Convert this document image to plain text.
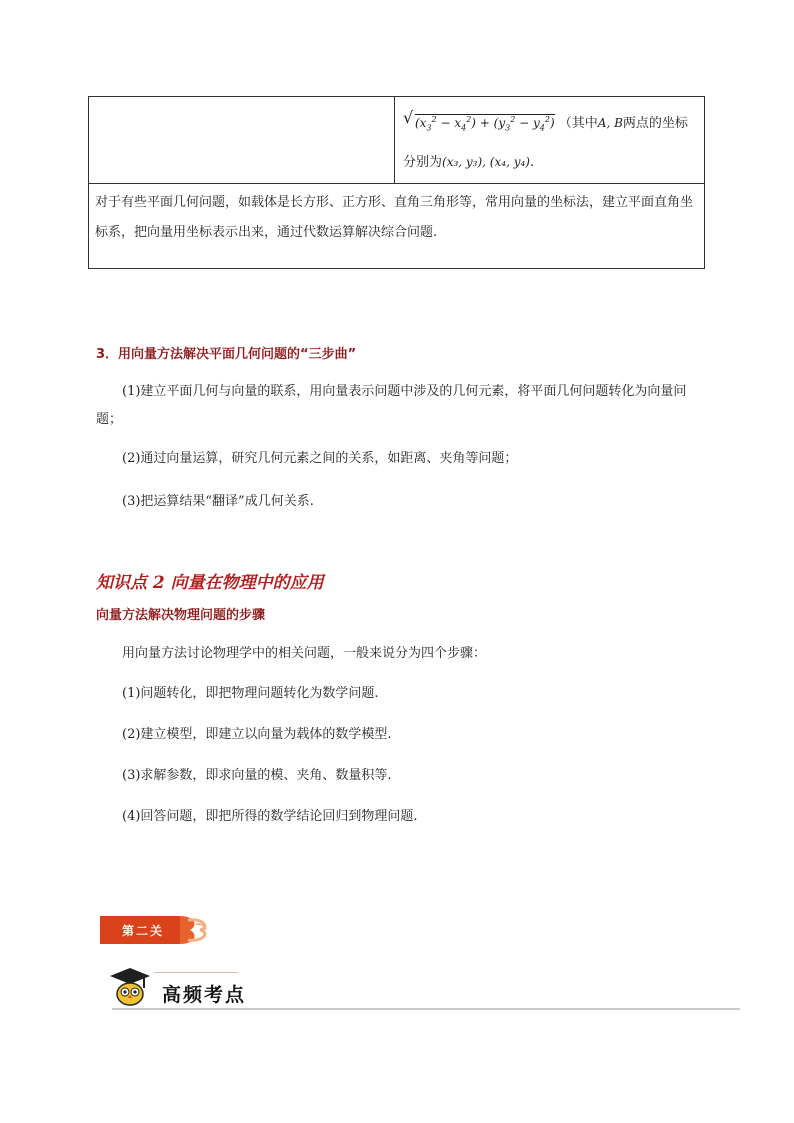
√ $(x_3^2 - x_4^2) + (y_3^2 - y_4^2)$ （其中A, B两点的坐标
分别为(x₃, y₃), (x₄, y₄).
对于有些平面几何问题，如载体是长方形、正方形、直角三角形等，常用向量的坐标法，建立平面直角坐标系，把向量用坐标表示出来，通过代数运算解决综合问题.
3．用向量方法解决平面几何问题的“三步曲”
(1)建立平面几何与向量的联系，用向量表示问题中涉及的几何元素，将平面几何问题转化为向量问题；
(2)通过向量运算，研究几何元素之间的关系，如距离、夹角等问题；
(3)把运算结果“翻译”成几何关系.
知识点 2 向量在物理中的应用
向量方法解决物理问题的步骤
用向量方法讨论物理学中的相关问题，一般来说分为四个步骤：
(1)问题转化，即把物理问题转化为数学问题.
(2)建立模型，即建立以向量为载体的数学模型.
(3)求解参数，即求向量的模、夹角、数量积等.
(4)回答问题，即把所得的数学结论回归到物理问题.
第二关
高频考点
